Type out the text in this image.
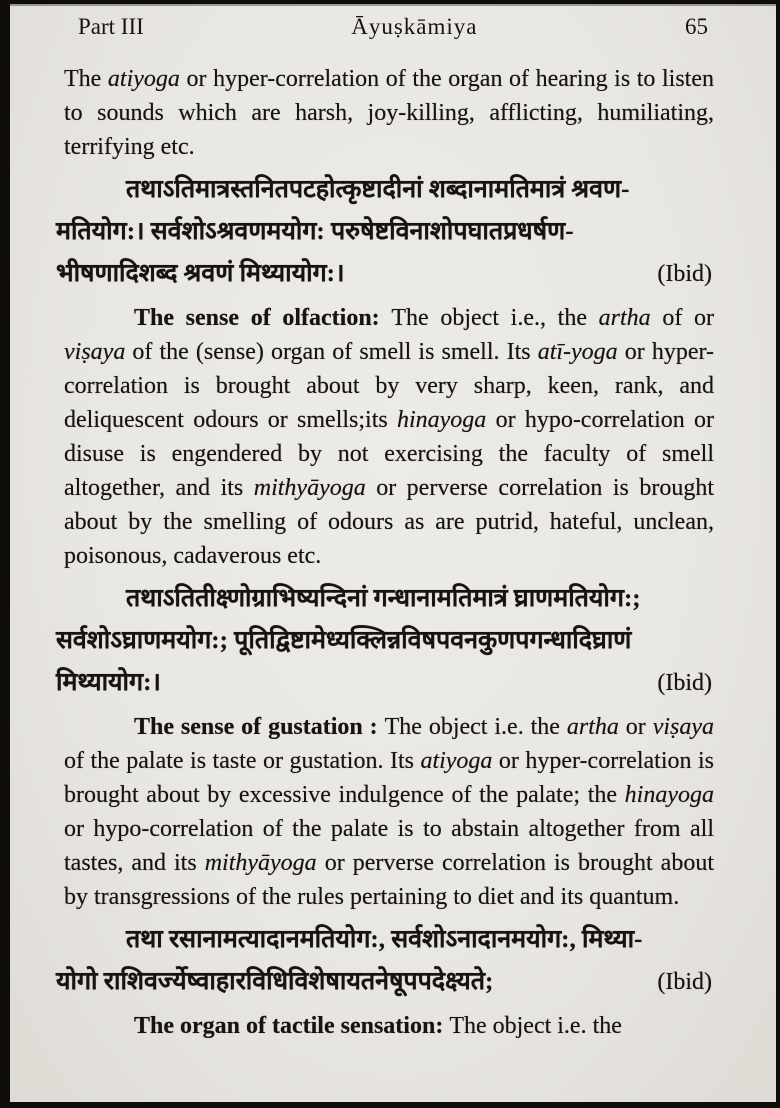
Part III	Āyuṣkāmiya	65

The atiyoga or hyper-correlation of the organ of hearing is to listen to sounds which are harsh, joy-killing, afflicting, humiliating, terrifying etc.

तथाऽतिमात्रस्तनितपटहोत्कृष्टादीनां शब्दानामतिमात्रं श्रवण-
मतियोग:। सर्वशोऽश्रवणमयोग: परुषेष्टविनाशोपघातप्रधर्षण-
भीषणादिशब्द श्रवणं मिथ्यायोग:।	(Ibid)

The sense of olfaction: The object i.e., the artha of or viṣaya of the (sense) organ of smell is smell. Its atī-yoga or hyper-correlation is brought about by very sharp, keen, rank, and deliquescent odours or smells;its hinayoga or hypo-correlation or disuse is engendered by not exercising the faculty of smell altogether, and its mithyāyoga or perverse correlation is brought about by the smelling of odours as are putrid, hateful, unclean, poisonous, cadaverous etc.

तथाऽतितीक्ष्णोग्राभिष्यन्दिनां गन्धानामतिमात्रं घ्राणमतियोग:;
सर्वशोऽघ्राणमयोग:; पूतिद्विष्टामेध्यक्लिन्नविषपवनकुणपगन्धादिघ्राणं
मिथ्यायोग:।	(Ibid)

The sense of gustation : The object i.e. the artha or viṣaya of the palate is taste or gustation. Its atiyoga or hyper-correlation is brought about by excessive indulgence of the palate; the hinayoga or hypo-correlation of the palate is to abstain altogether from all tastes, and its mithyāyoga or perverse correlation is brought about by transgressions of the rules pertaining to diet and its quantum.

तथा रसानामत्यादानमतियोग:, सर्वशोऽनादानमयोग:, मिथ्या-
योगो राशिवर्ज्येष्वाहारविधिविशेषायतनेषूपपदेक्ष्यते;	(Ibid)

The organ of tactile sensation: The object i.e. the
